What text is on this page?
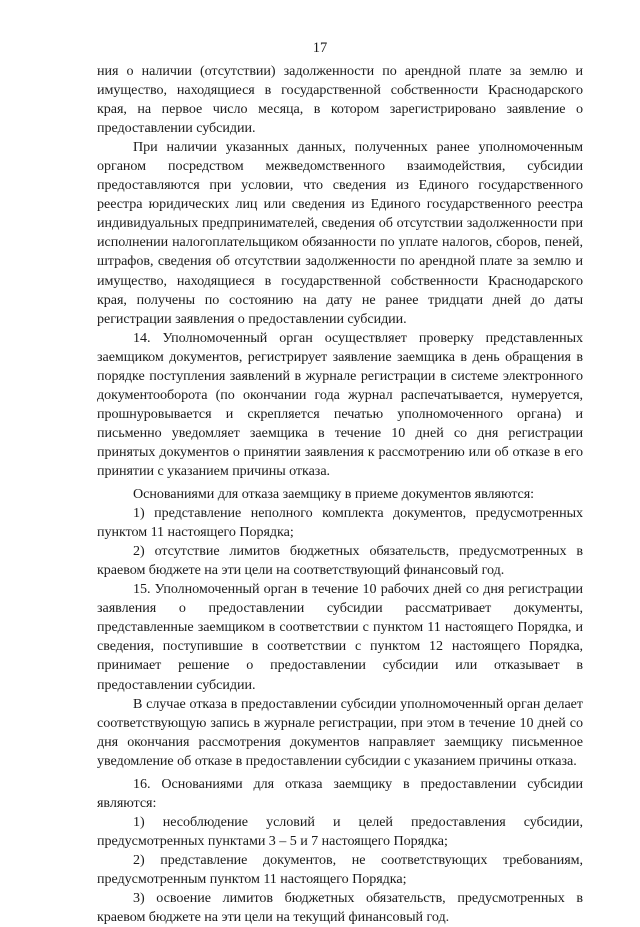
17

ния о наличии (отсутствии) задолженности по арендной плате за землю и имущество, находящиеся в государственной собственности Краснодарского края, на первое число месяца, в котором зарегистрировано заявление о предоставлении субсидии.

При наличии указанных данных, полученных ранее уполномоченным органом посредством межведомственного взаимодействия, субсидии предоставляются при условии, что сведения из Единого государственного реестра юридических лиц или сведения из Единого государственного реестра индивидуальных предпринимателей, сведения об отсутствии задолженности при исполнении налогоплательщиком обязанности по уплате налогов, сборов, пеней, штрафов, сведения об отсутствии задолженности по арендной плате за землю и имущество, находящиеся в государственной собственности Краснодарского края, получены по состоянию на дату не ранее тридцати дней до даты регистрации заявления о предоставлении субсидии.

14. Уполномоченный орган осуществляет проверку представленных заемщиком документов, регистрирует заявление заемщика в день обращения в порядке поступления заявлений в журнале регистрации в системе электронного документооборота (по окончании года журнал распечатывается, нумеруется, прошнуровывается и скрепляется печатью уполномоченного органа) и письменно уведомляет заемщика в течение 10 дней со дня регистрации принятых документов о принятии заявления к рассмотрению или об отказе в его принятии с указанием причины отказа.

Основаниями для отказа заемщику в приеме документов являются:

1) представление неполного комплекта документов, предусмотренных пунктом 11 настоящего Порядка;

2) отсутствие лимитов бюджетных обязательств, предусмотренных в краевом бюджете на эти цели на соответствующий финансовый год.

15. Уполномоченный орган в течение 10 рабочих дней со дня регистрации заявления о предоставлении субсидии рассматривает документы, представленные заемщиком в соответствии с пунктом 11 настоящего Порядка, и сведения, поступившие в соответствии с пунктом 12 настоящего Порядка, принимает решение о предоставлении субсидии или отказывает в предоставлении субсидии.

В случае отказа в предоставлении субсидии уполномоченный орган делает соответствующую запись в журнале регистрации, при этом в течение 10 дней со дня окончания рассмотрения документов направляет заемщику письменное уведомление об отказе в предоставлении субсидии с указанием причины отказа.

16. Основаниями для отказа заемщику в предоставлении субсидии являются:

1) несоблюдение условий и целей предоставления субсидии, предусмотренных пунктами 3 – 5 и 7 настоящего Порядка;

2) представление документов, не соответствующих требованиям, предусмотренным пунктом 11 настоящего Порядка;

3) освоение лимитов бюджетных обязательств, предусмотренных в краевом бюджете на эти цели на текущий финансовый год.
